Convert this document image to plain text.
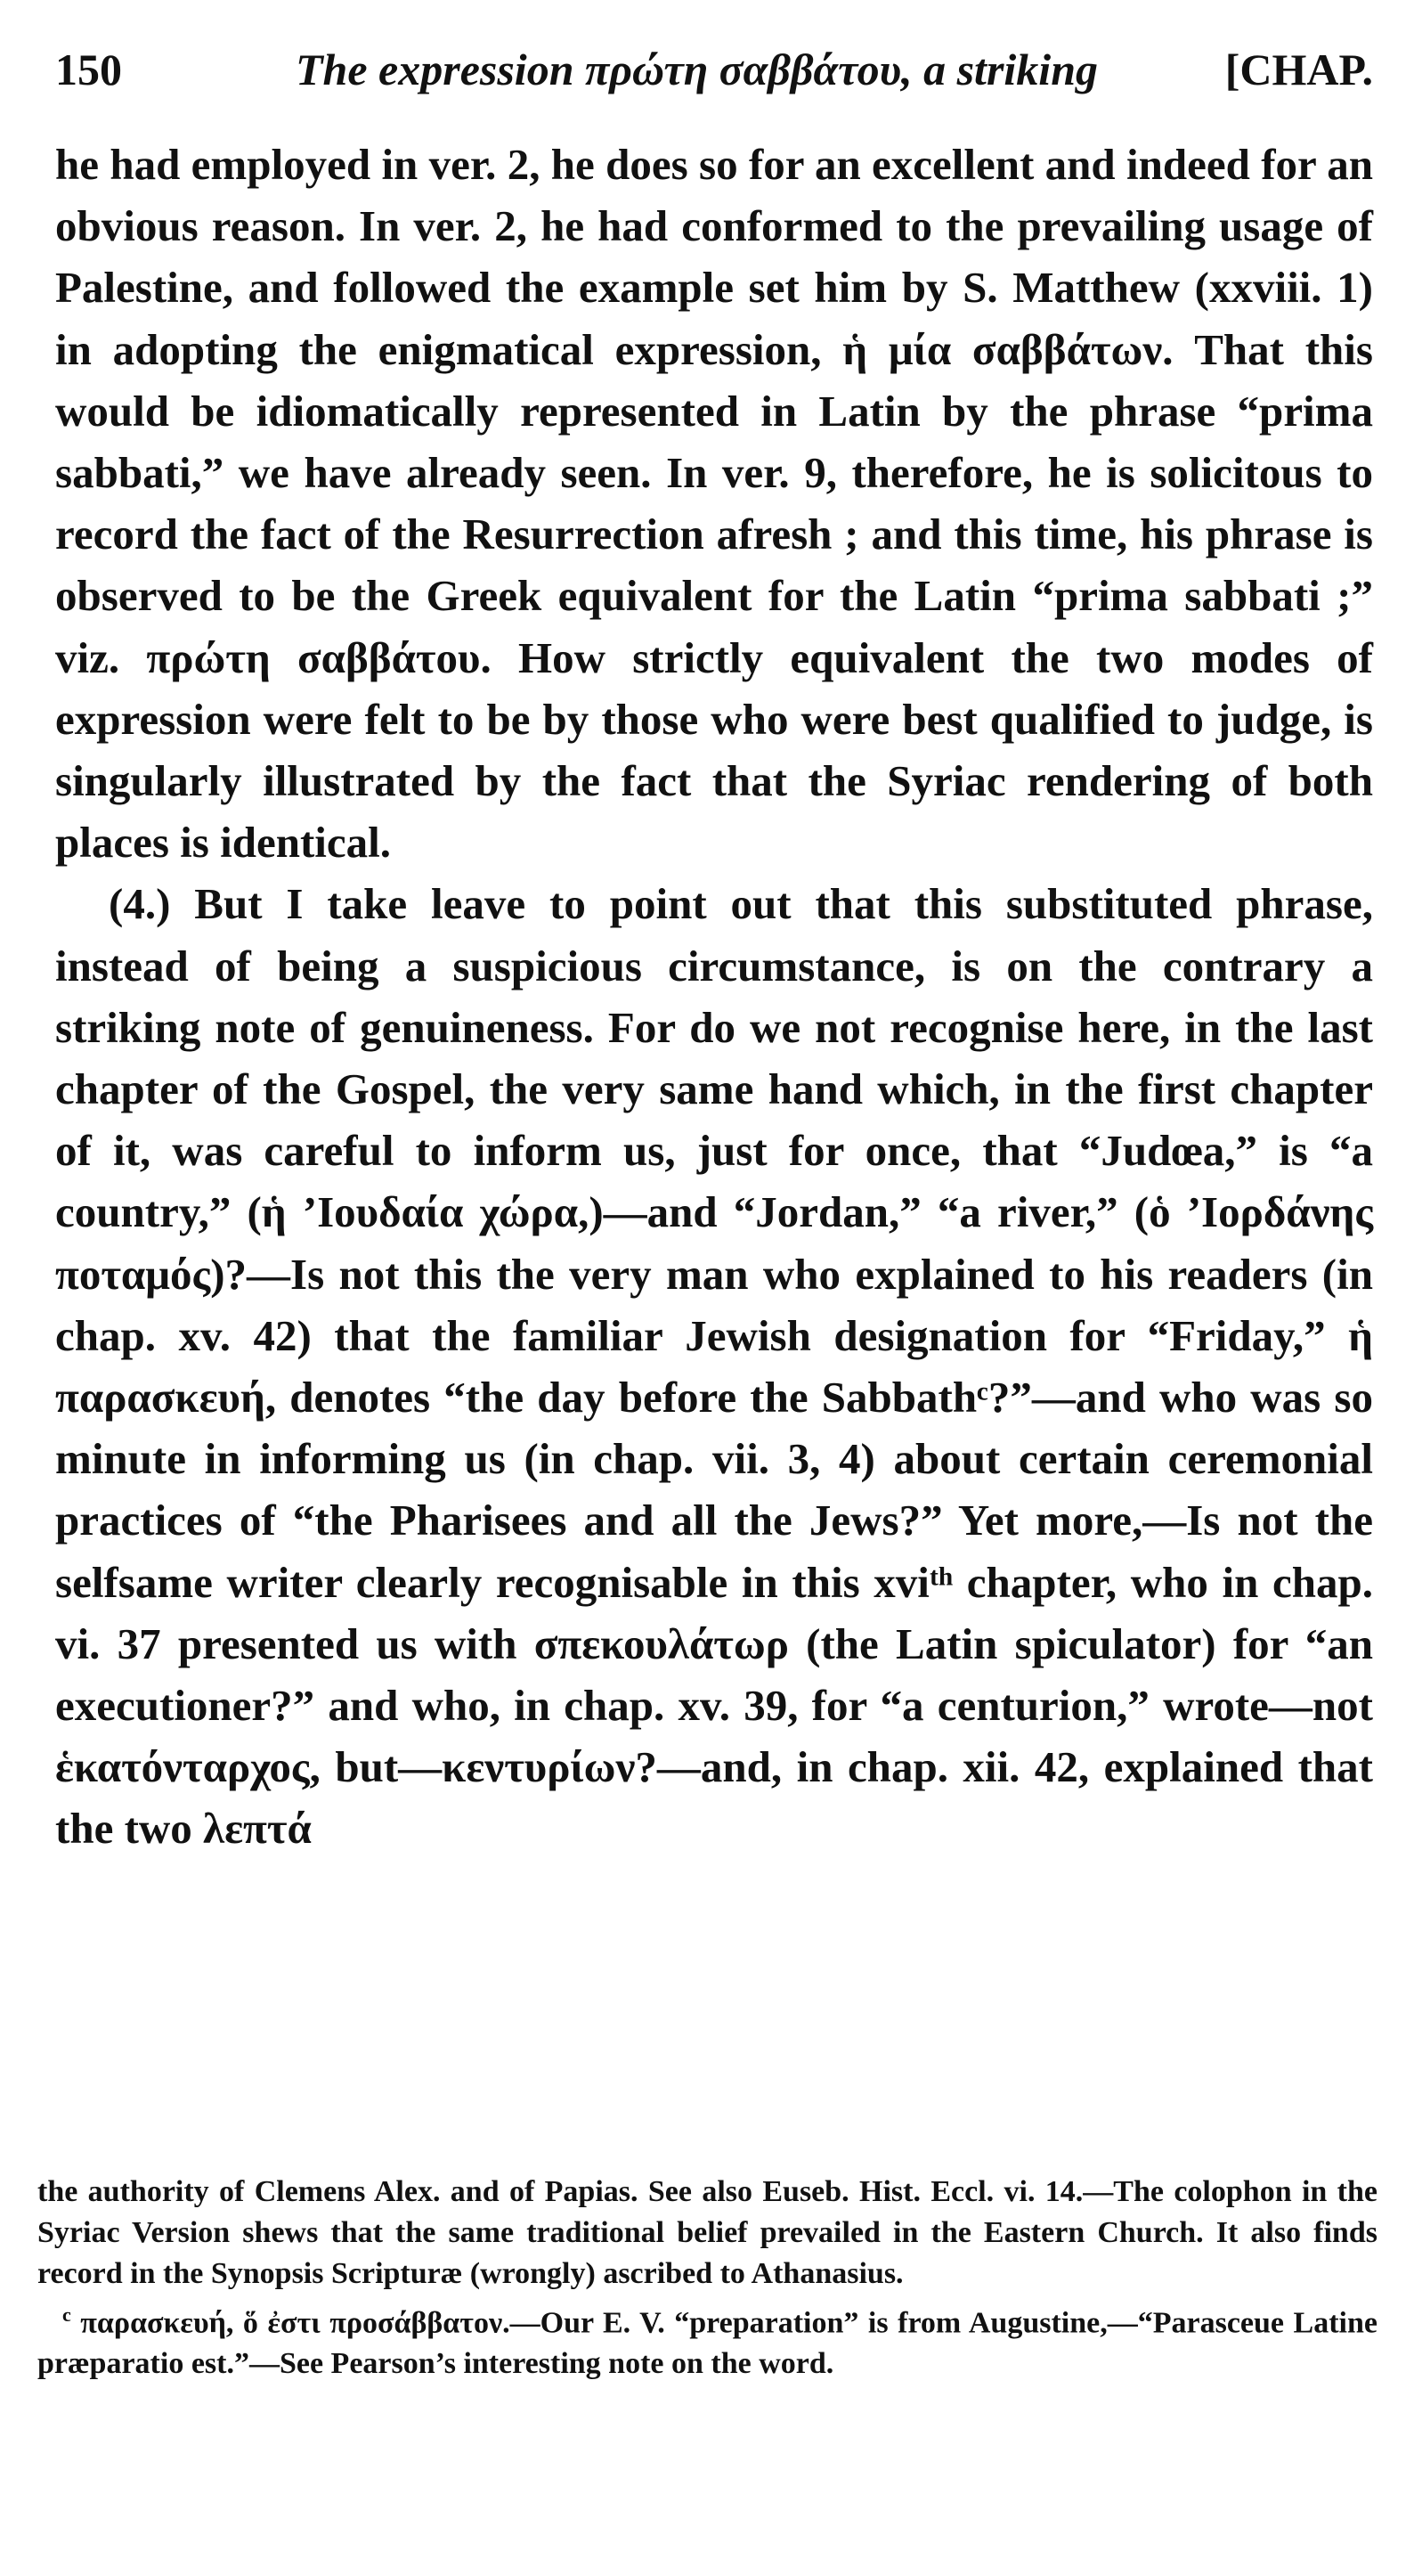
150	The expression πρώτη σαββάτου, a striking	[CHAP.

he had employed in ver. 2, he does so for an excellent and indeed for an obvious reason. In ver. 2, he had conformed to the prevailing usage of Palestine, and followed the example set him by S. Matthew (xxviii. 1) in adopting the enigmatical expression, ἡ μία σαββάτων. That this would be idiomatically represented in Latin by the phrase “prima sabbati,” we have already seen. In ver. 9, therefore, he is solicitous to record the fact of the Resurrection afresh ; and this time, his phrase is observed to be the Greek equivalent for the Latin “prima sabbati ;” viz. πρώτη σαββάτου. How strictly equivalent the two modes of expression were felt to be by those who were best qualified to judge, is singularly illustrated by the fact that the Syriac rendering of both places is identical.

(4.) But I take leave to point out that this substituted phrase, instead of being a suspicious circumstance, is on the contrary a striking note of genuineness. For do we not recognise here, in the last chapter of the Gospel, the very same hand which, in the first chapter of it, was careful to inform us, just for once, that “Judœa,” is “a country,” (ἡ ’Ιουδαία χώρα,)—and “Jordan,” “a river,” (ὁ ’Ιορδάνης ποταμός)?—Is not this the very man who explained to his readers (in chap. xv. 42) that the familiar Jewish designation for “Friday,” ἡ παρασκευή, denotes “the day before the Sabbathᶜ?”—and who was so minute in informing us (in chap. vii. 3, 4) about certain ceremonial practices of “the Pharisees and all the Jews?” Yet more,—Is not the selfsame writer clearly recognisable in this xviᵗʰ chapter, who in chap. vi. 37 presented us with σπεκουλάτωρ (the Latin spiculator) for “an executioner?” and who, in chap. xv. 39, for “a centurion,” wrote—not ἑκατόνταρχος, but—κεντυρίων?—and, in chap. xii. 42, explained that the two λεπτά

the authority of Clemens Alex. and of Papias. See also Euseb. Hist. Eccl. vi. 14.—The colophon in the Syriac Version shews that the same traditional belief prevailed in the Eastern Church. It also finds record in the Synopsis Scripturæ (wrongly) ascribed to Athanasius.

$^c$ παρασκευή, ὅ ἐστι προσάββατον.—Our E. V. “preparation” is from Augustine,—“Parasceue Latine præparatio est.”—See Pearson’s interesting note on the word.
